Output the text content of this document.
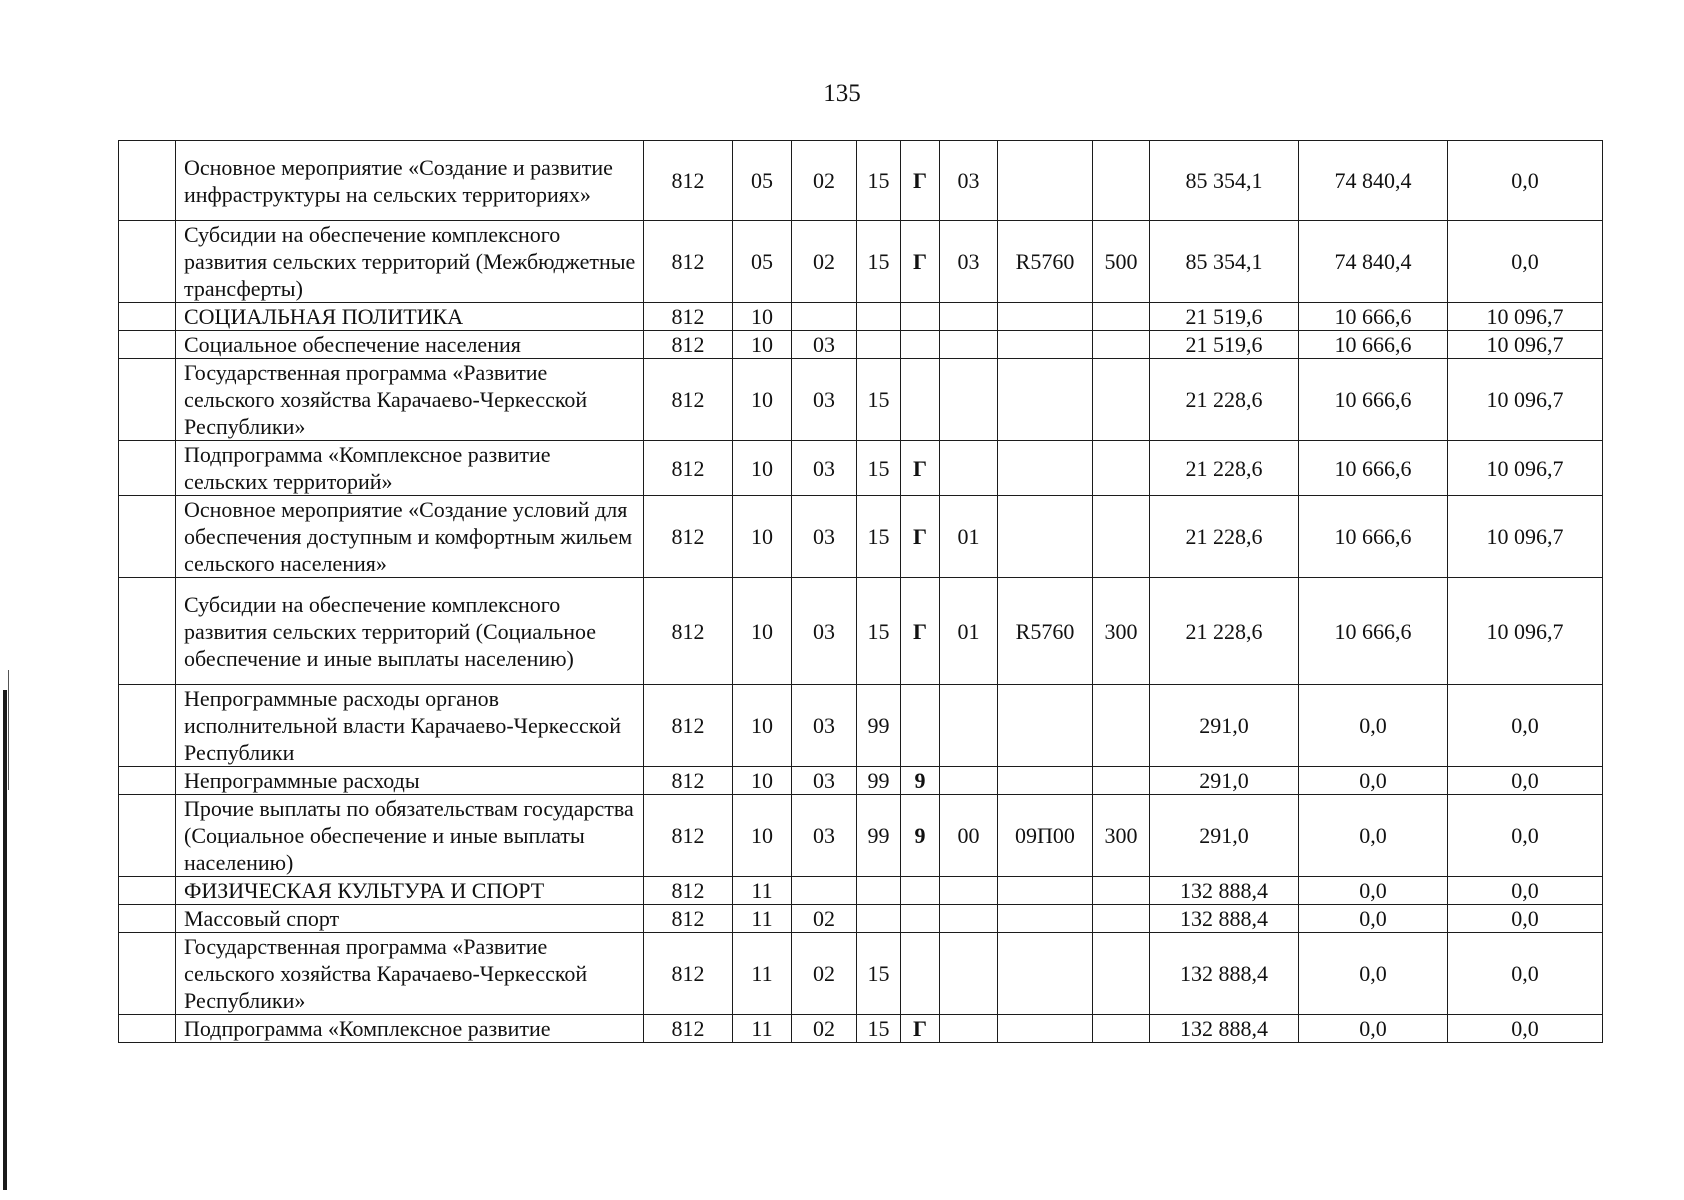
135
	Основное мероприятие «Создание и развитие инфраструктуры на сельских территориях»	812	05	02	15	Г	03			85 354,1	74 840,4	0,0
	Субсидии на обеспечение комплексного развития сельских территорий (Межбюджетные трансферты)	812	05	02	15	Г	03	R5760	500	85 354,1	74 840,4	0,0
	СОЦИАЛЬНАЯ ПОЛИТИКА	812	10							21 519,6	10 666,6	10 096,7
	Социальное обеспечение населения	812	10	03						21 519,6	10 666,6	10 096,7
	Государственная программа «Развитие сельского хозяйства Карачаево-Черкесской Республики»	812	10	03	15					21 228,6	10 666,6	10 096,7
	Подпрограмма «Комплексное развитие сельских территорий»	812	10	03	15	Г				21 228,6	10 666,6	10 096,7
	Основное мероприятие «Создание условий для обеспечения доступным и комфортным жильем сельского населения»	812	10	03	15	Г	01			21 228,6	10 666,6	10 096,7
	Субсидии на обеспечение комплексного развития сельских территорий (Социальное обеспечение и иные выплаты населению)	812	10	03	15	Г	01	R5760	300	21 228,6	10 666,6	10 096,7
	Непрограммные расходы органов исполнительной власти Карачаево-Черкесской Республики	812	10	03	99					291,0	0,0	0,0
	Непрограммные расходы	812	10	03	99	9				291,0	0,0	0,0
	Прочие выплаты по обязательствам государства (Социальное обеспечение и иные выплаты населению)	812	10	03	99	9	00	09П00	300	291,0	0,0	0,0
	ФИЗИЧЕСКАЯ КУЛЬТУРА И СПОРТ	812	11							132 888,4	0,0	0,0
	Массовый спорт	812	11	02						132 888,4	0,0	0,0
	Государственная программа «Развитие сельского хозяйства Карачаево-Черкесской Республики»	812	11	02	15					132 888,4	0,0	0,0
	Подпрограмма «Комплексное развитие	812	11	02	15	Г				132 888,4	0,0	0,0
